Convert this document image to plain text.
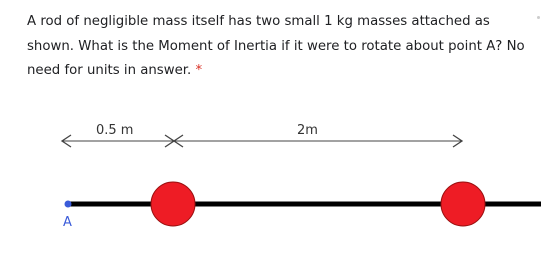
A rod of negligible mass itself has two small 1 kg masses attached as shown. What is the Moment of Inertia if it were to rotate about point A? No need for units in answer. *
0.5 m	2m
A
